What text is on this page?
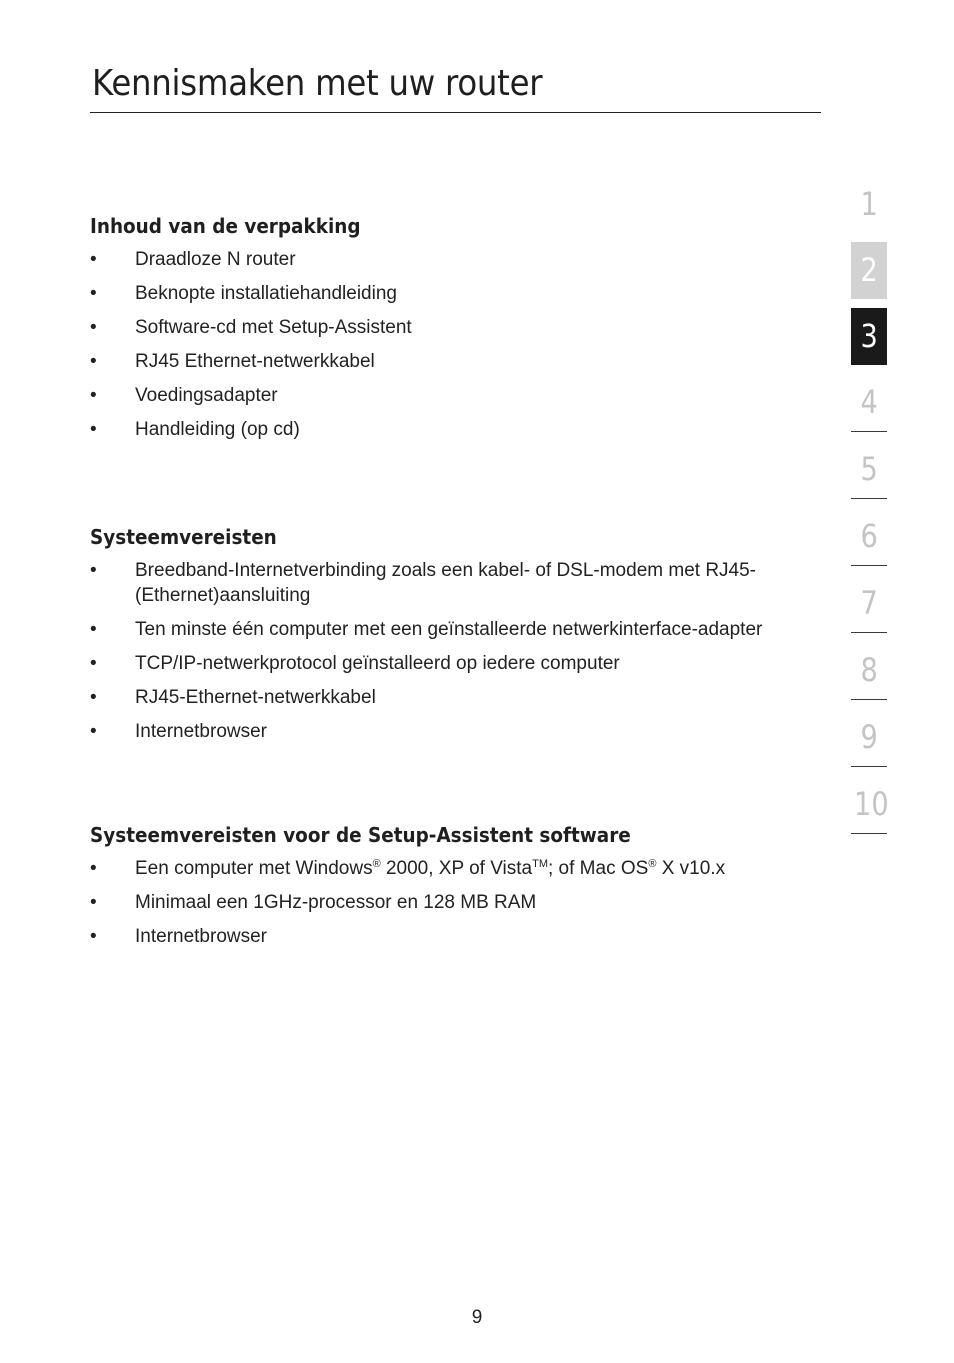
Kennismaken met uw router
Inhoud van de verpakking
• Draadloze N router
• Beknopte installatiehandleiding
• Software-cd met Setup-Assistent
• RJ45 Ethernet-netwerkkabel
• Voedingsadapter
• Handleiding (op cd)
Systeemvereisten
• Breedband-Internetverbinding zoals een kabel- of DSL-modem met RJ45-(Ethernet)aansluiting
• Ten minste één computer met een geïnstalleerde netwerkinterface-adapter
• TCP/IP-netwerkprotocol geïnstalleerd op iedere computer
• RJ45-Ethernet-netwerkkabel
• Internetbrowser
Systeemvereisten voor de Setup-Assistent software
• Een computer met Windows® 2000, XP of Vista™; of Mac OS® X v10.x
• Minimaal een 1GHz-processor en 128 MB RAM
• Internetbrowser
1
2
3
4
5
6
7
8
9
10
9
